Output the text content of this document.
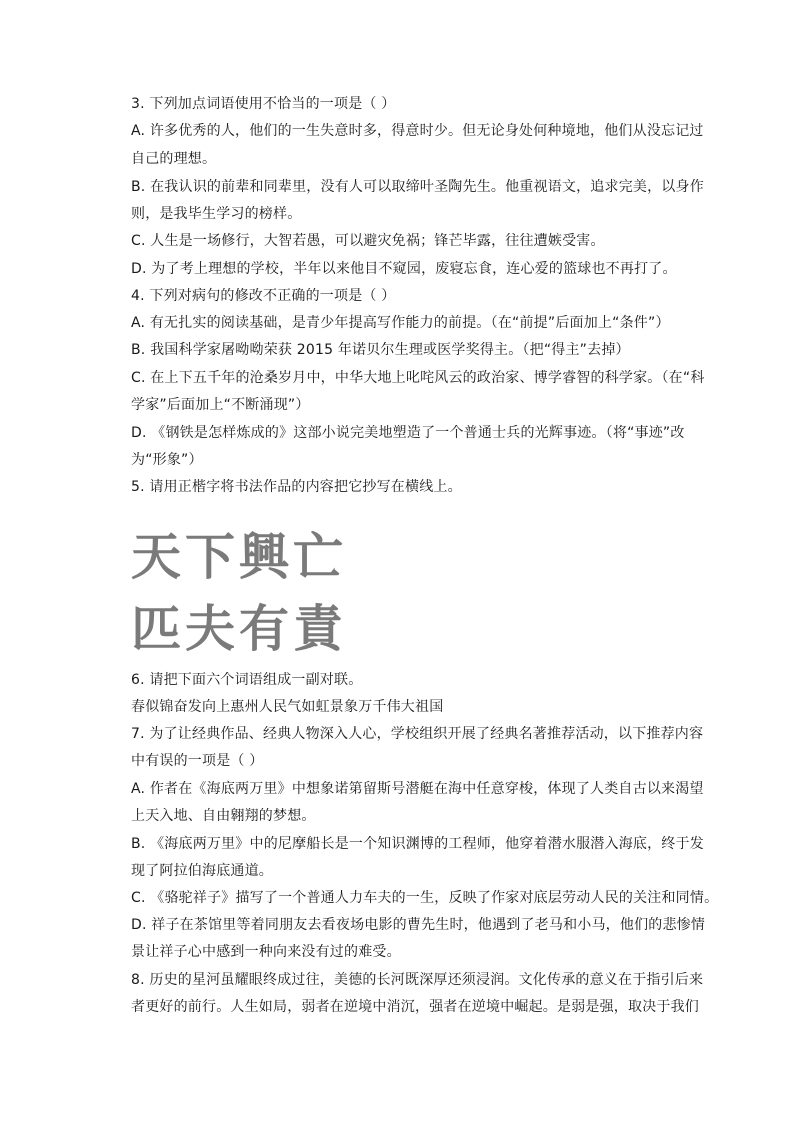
3. 下列加点词语使用不恰当的一项是（ ）
A. 许多优秀的人，他们的一生失意时多，得意时少。但无论身处何种境地，他们从没忘记过
自己的理想。
B. 在我认识的前辈和同辈里，没有人可以取缔叶圣陶先生。他重视语文，追求完美，以身作
则，是我毕生学习的榜样。
C. 人生是一场修行，大智若愚，可以避灾免祸；锋芒毕露，往往遭嫉受害。
D. 为了考上理想的学校，半年以来他目不窥园，废寝忘食，连心爱的篮球也不再打了。
4. 下列对病句的修改不正确的一项是（ ）
A. 有无扎实的阅读基础，是青少年提高写作能力的前提。（在“前提”后面加上“条件”）
B. 我国科学家屠呦呦荣获 2015 年诺贝尔生理或医学奖得主。（把“得主”去掉）
C. 在上下五千年的沧桑岁月中，中华大地上叱咤风云的政治家、博学睿智的科学家。（在“科
学家”后面加上“不断涌现”）
D. 《钢铁是怎样炼成的》这部小说完美地塑造了一个普通士兵的光辉事迹。（将“事迹”改
为“形象”）
5. 请用正楷字将书法作品的内容把它抄写在横线上。
天下興亡
匹夫有責
6. 请把下面六个词语组成一副对联。
春似锦奋发向上惠州人民气如虹景象万千伟大祖国
7. 为了让经典作品、经典人物深入人心，学校组织开展了经典名著推荐活动，以下推荐内容
中有误的一项是（ ）
A. 作者在《海底两万里》中想象诺第留斯号潜艇在海中任意穿梭，体现了人类自古以来渴望
上天入地、自由翱翔的梦想。
B. 《海底两万里》中的尼摩船长是一个知识渊博的工程师，他穿着潜水服潜入海底，终于发
现了阿拉伯海底通道。
C. 《骆驼祥子》描写了一个普通人力车夫的一生，反映了作家对底层劳动人民的关注和同情。
D. 祥子在茶馆里等着同朋友去看夜场电影的曹先生时，他遇到了老马和小马，他们的悲惨情
景让祥子心中感到一种向来没有过的难受。
8. 历史的星河虽耀眼终成过往，美德的长河既深厚还须浸润。文化传承的意义在于指引后来
者更好的前行。人生如局，弱者在逆境中消沉，强者在逆境中崛起。是弱是强，取决于我们
